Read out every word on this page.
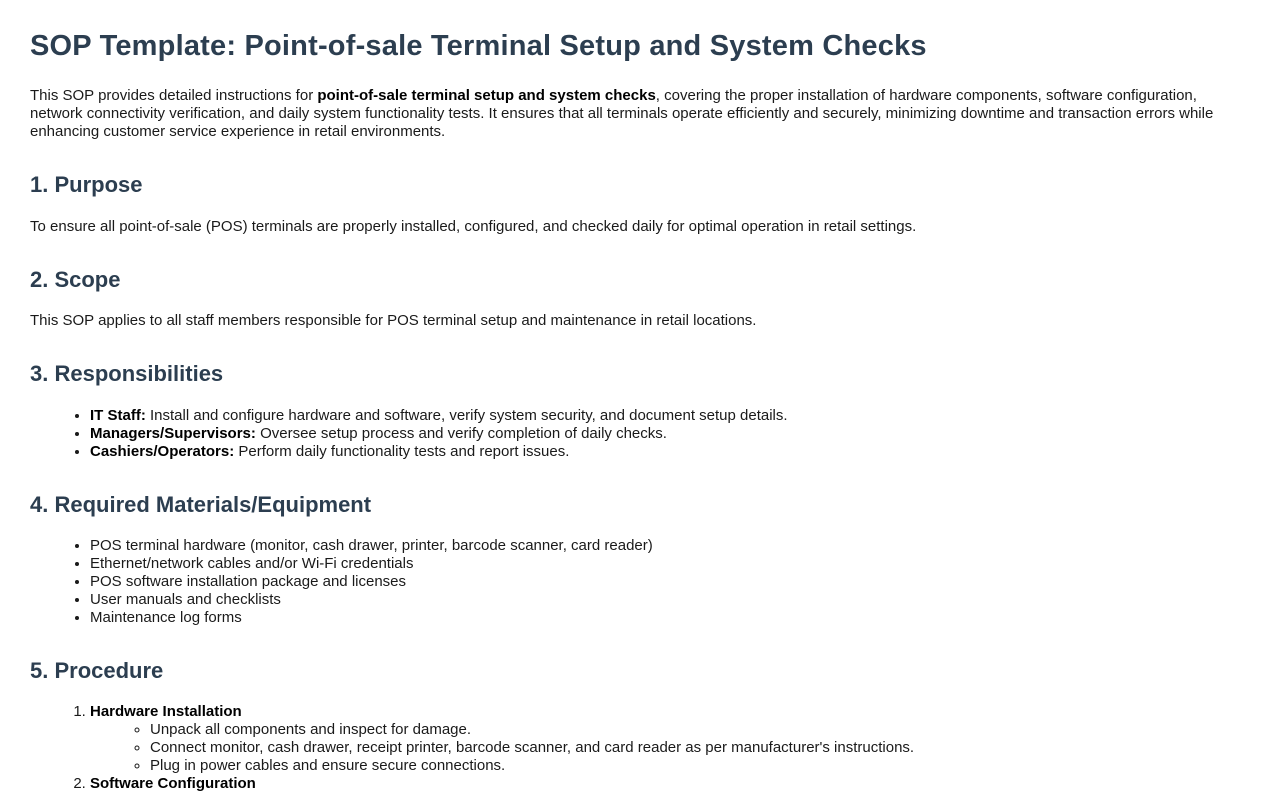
SOP Template: Point-of-sale Terminal Setup and System Checks

This SOP provides detailed instructions for point-of-sale terminal setup and system checks, covering the proper installation of hardware components, software configuration, network connectivity verification, and daily system functionality tests. It ensures that all terminals operate efficiently and securely, minimizing downtime and transaction errors while enhancing customer service experience in retail environments.

1. Purpose

To ensure all point-of-sale (POS) terminals are properly installed, configured, and checked daily for optimal operation in retail settings.

2. Scope

This SOP applies to all staff members responsible for POS terminal setup and maintenance in retail locations.

3. Responsibilities
• IT Staff: Install and configure hardware and software, verify system security, and document setup details.
• Managers/Supervisors: Oversee setup process and verify completion of daily checks.
• Cashiers/Operators: Perform daily functionality tests and report issues.
4. Required Materials/Equipment
• POS terminal hardware (monitor, cash drawer, printer, barcode scanner, card reader)
• Ethernet/network cables and/or Wi-Fi credentials
• POS software installation package and licenses
• User manuals and checklists
• Maintenance log forms
5. Procedure
1. Hardware Installation
◦ Unpack all components and inspect for damage.
◦ Connect monitor, cash drawer, receipt printer, barcode scanner, and card reader as per manufacturer's instructions.
◦ Plug in power cables and ensure secure connections.
2. Software Configuration
